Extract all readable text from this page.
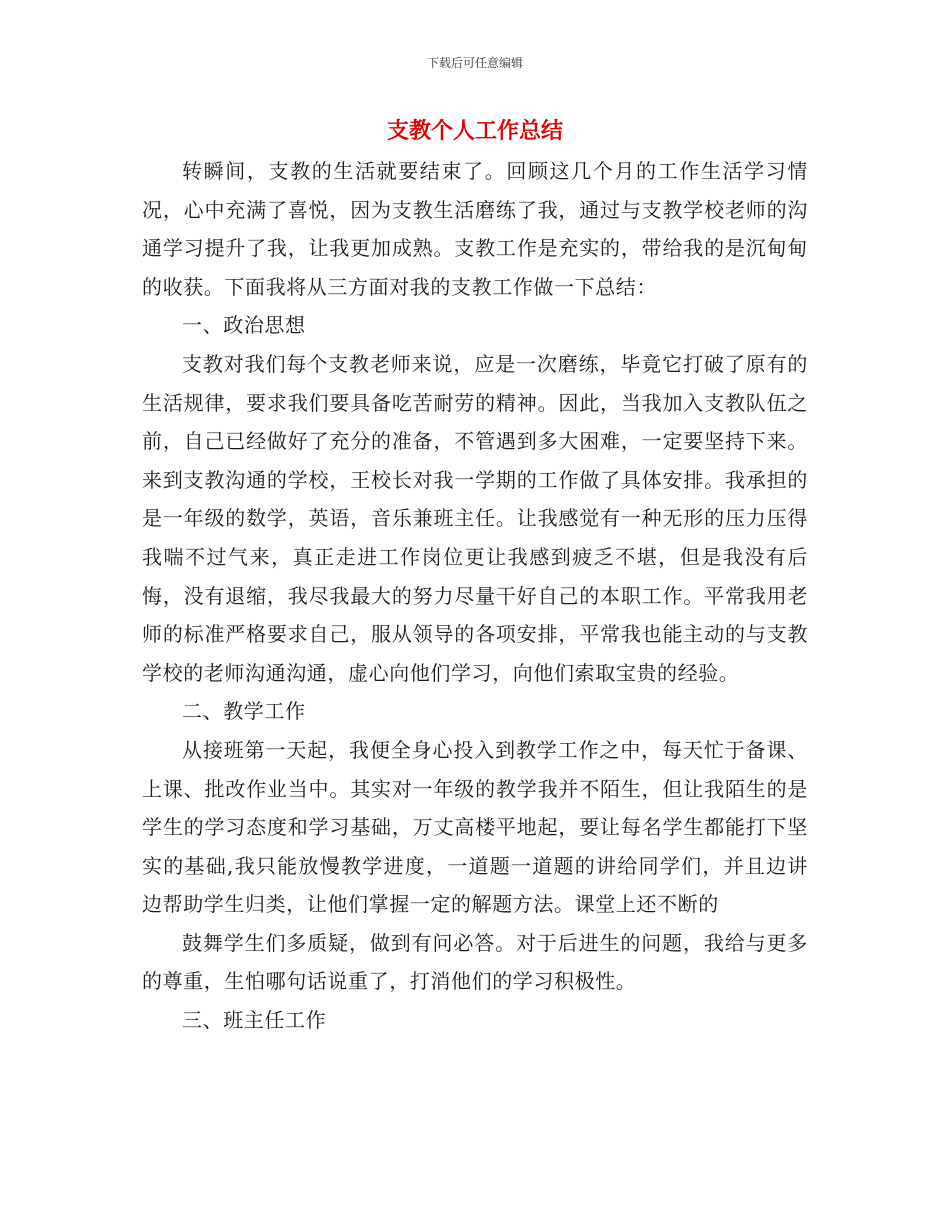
下载后可任意编辑
支教个人工作总结

转瞬间，支教的生活就要结束了。回顾这几个月的工作生活学习情况，心中充满了喜悦，因为支教生活磨练了我，通过与支教学校老师的沟通学习提升了我，让我更加成熟。支教工作是充实的，带给我的是沉甸甸的收获。下面我将从三方面对我的支教工作做一下总结：

一、政治思想

支教对我们每个支教老师来说，应是一次磨练，毕竟它打破了原有的生活规律，要求我们要具备吃苦耐劳的精神。因此，当我加入支教队伍之前，自己已经做好了充分的准备，不管遇到多大困难，一定要坚持下来。来到支教沟通的学校，王校长对我一学期的工作做了具体安排。我承担的是一年级的数学，英语，音乐兼班主任。让我感觉有一种无形的压力压得我喘不过气来，真正走进工作岗位更让我感到疲乏不堪，但是我没有后悔，没有退缩，我尽我最大的努力尽量干好自己的本职工作。平常我用老师的标准严格要求自己，服从领导的各项安排，平常我也能主动的与支教学校的老师沟通沟通，虚心向他们学习，向他们索取宝贵的经验。

二、教学工作

从接班第一天起，我便全身心投入到教学工作之中，每天忙于备课、上课、批改作业当中。其实对一年级的教学我并不陌生，但让我陌生的是学生的学习态度和学习基础，万丈高楼平地起，要让每名学生都能打下坚实的基础,我只能放慢教学进度，一道题一道题的讲给同学们，并且边讲边帮助学生归类，让他们掌握一定的解题方法。课堂上还不断的

鼓舞学生们多质疑，做到有问必答。对于后进生的问题，我给与更多的尊重，生怕哪句话说重了，打消他们的学习积极性。

三、班主任工作
